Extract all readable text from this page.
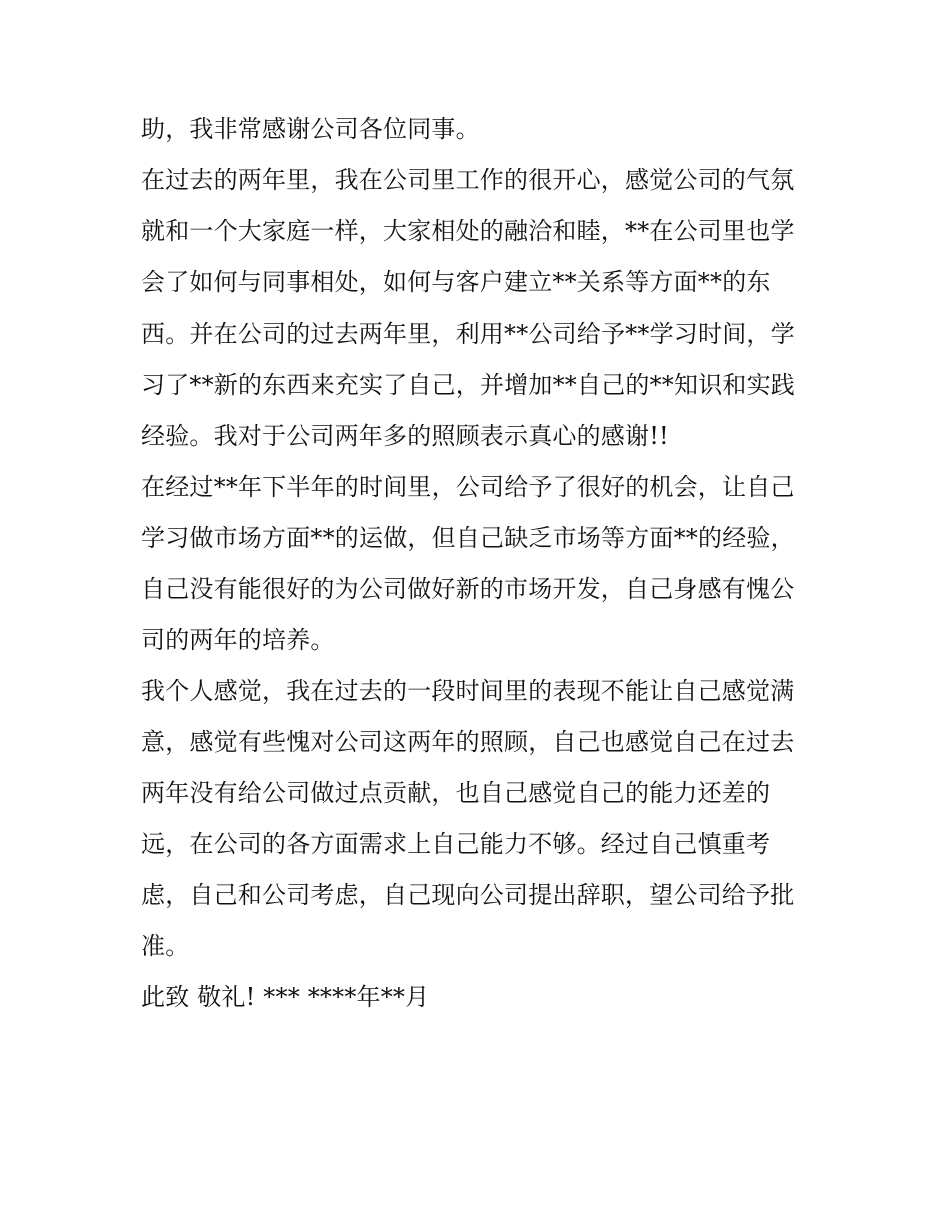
助，我非常感谢公司各位同事。
在过去的两年里，我在公司里工作的很开心，感觉公司的气氛
就和一个大家庭一样，大家相处的融洽和睦，**在公司里也学
会了如何与同事相处，如何与客户建立**关系等方面**的东
西。并在公司的过去两年里，利用**公司给予**学习时间，学
习了**新的东西来充实了自己，并增加**自己的**知识和实践
经验。我对于公司两年多的照顾表示真心的感谢!!
在经过**年下半年的时间里，公司给予了很好的机会，让自己
学习做市场方面**的运做，但自己缺乏市场等方面**的经验，
自己没有能很好的为公司做好新的市场开发，自己身感有愧公
司的两年的培养。
我个人感觉，我在过去的一段时间里的表现不能让自己感觉满
意，感觉有些愧对公司这两年的照顾，自己也感觉自己在过去
两年没有给公司做过点贡献，也自己感觉自己的能力还差的
远，在公司的各方面需求上自己能力不够。经过自己慎重考
虑，自己和公司考虑，自己现向公司提出辞职，望公司给予批
准。
此致 敬礼! *** ****年**月
